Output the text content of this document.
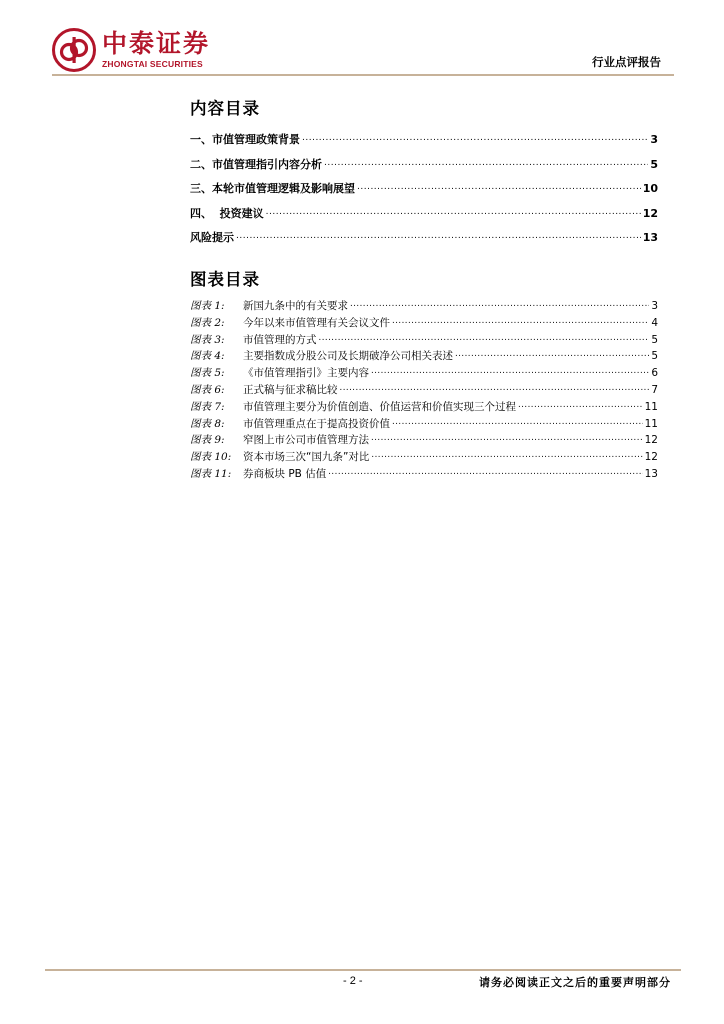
中泰证券
ZHONGTAI SECURITIES	行业点评报告
内容目录
一、市值管理政策背景 .....	3
二、市值管理指引内容分析 .....	5
三、本轮市值管理逻辑及影响展望 .....	10
四、  投资建议 .....	12
风险提示 .....	13
图表目录
图表 1: 新国九条中的有关要求 .....	3
图表 2: 今年以来市值管理有关会议文件 .....	4
图表 3: 市值管理的方式 .....	5
图表 4: 主要指数成分股公司及长期破净公司相关表述 .....	5
图表 5: 《市值管理指引》主要内容 .....	6
图表 6: 正式稿与征求稿比较 .....	7
图表 7: 市值管理主要分为价值创造、价值运营和价值实现三个过程 .....	11
图表 8: 市值管理重点在于提高投资价值 .....	11
图表 9: 窄图上市公司市值管理方法 .....	12
图表 10: 资本市场三次“国九条”对比 .....	12
图表 11: 券商板块 PB 估值 .....	13
- 2 -	请务必阅读正文之后的重要声明部分
